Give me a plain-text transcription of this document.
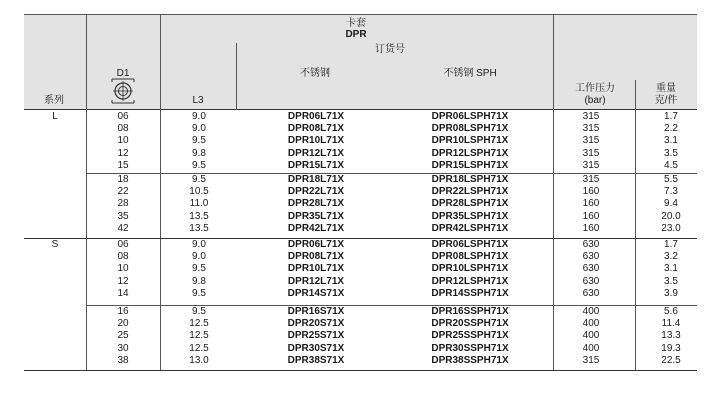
卡套
DPR
订货号
不锈钢	不锈钢 SPH
工作压力
(bar)
重量
克/件
系列
D1
L3
L	06	9.0	DPR06L71X	DPR06LSPH71X	315	1.7
08	9.0	DPR08L71X	DPR08LSPH71X	315	2.2
10	9.5	DPR10L71X	DPR10LSPH71X	315	3.1
12	9.8	DPR12L71X	DPR12LSPH71X	315	3.5
15	9.5	DPR15L71X	DPR15LSPH71X	315	4.5
18	9.5	DPR18L71X	DPR18LSPH71X	315	5.5
22	10.5	DPR22L71X	DPR22LSPH71X	160	7.3
28	11.0	DPR28L71X	DPR28LSPH71X	160	9.4
35	13.5	DPR35L71X	DPR35LSPH71X	160	20.0
42	13.5	DPR42L71X	DPR42LSPH71X	160	23.0
S	06	9.0	DPR06L71X	DPR06LSPH71X	630	1.7
08	9.0	DPR08L71X	DPR08LSPH71X	630	3.2
10	9.5	DPR10L71X	DPR10LSPH71X	630	3.1
12	9.8	DPR12L71X	DPR12LSPH71X	630	3.5
14	9.5	DPR14S71X	DPR14SSPH71X	630	3.9
16	9.5	DPR16S71X	DPR16SSPH71X	400	5.6
20	12.5	DPR20S71X	DPR20SSPH71X	400	11.4
25	12.5	DPR25S71X	DPR25SSPH71X	400	13.3
30	12.5	DPR30S71X	DPR30SSPH71X	400	19.3
38	13.0	DPR38S71X	DPR38SSPH71X	315	22.5
